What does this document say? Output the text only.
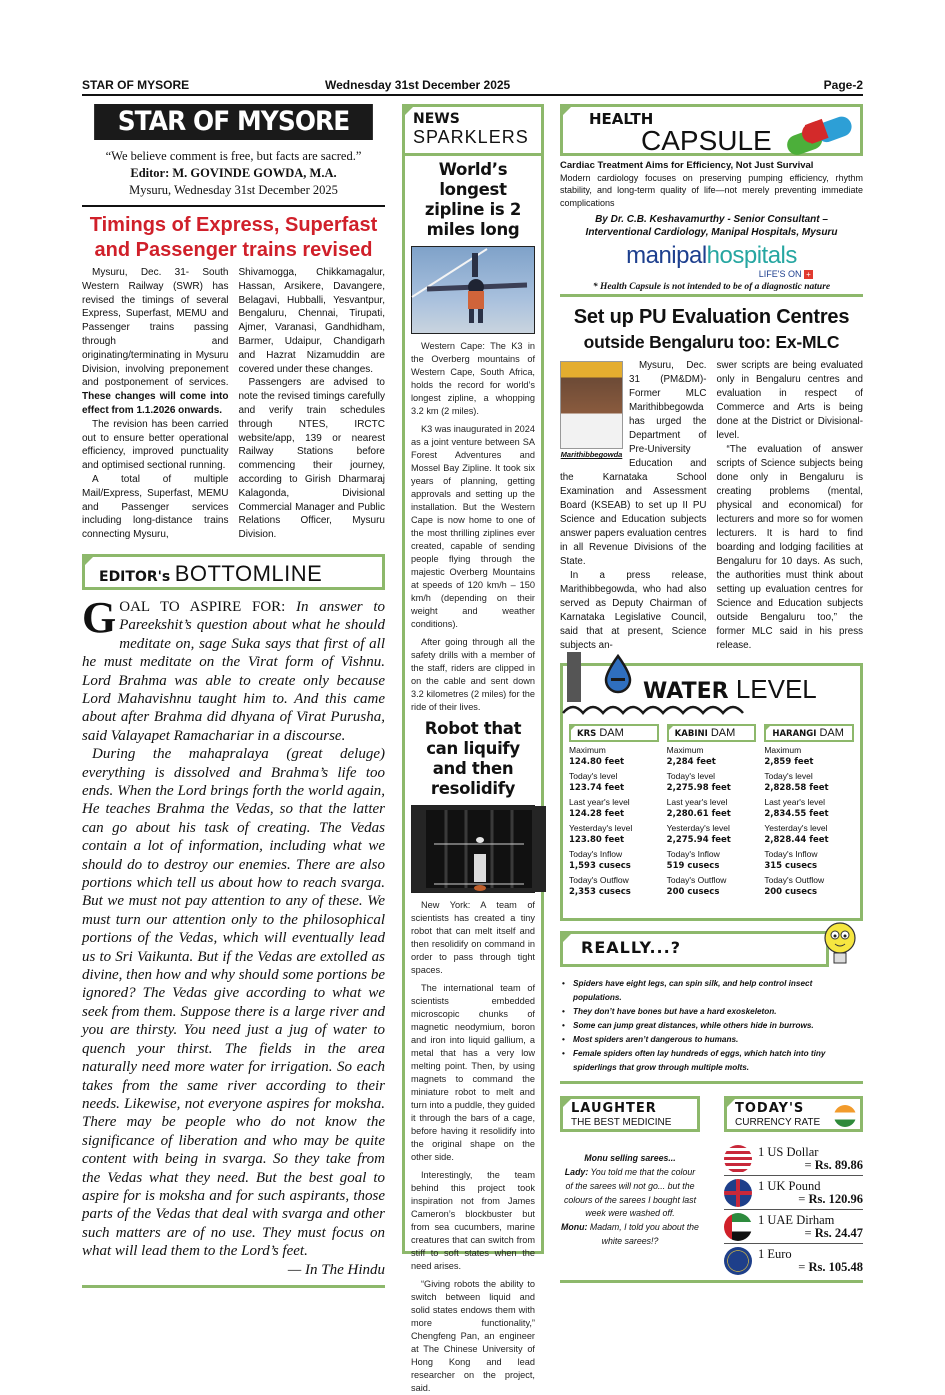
STAR OF MYSORE	Wednesday 31st December 2025	Page-2
STAR OF MYSORE
“We believe comment is free, but facts are sacred.”
Editor: M. GOVINDE GOWDA, M.A.
Mysuru, Wednesday 31st December 2025
Timings of Express, Superfast
and Passenger trains revised

Mysuru, Dec. 31- South Western Railway (SWR) has revised the timings of several Express, Superfast, MEMU and Passenger trains passing through and originating/terminating in Mysuru Division, involving preponement and postponement of services. These changes will come into effect from 1.1.2026 onwards.

The revision has been carried out to ensure better operational efficiency, improved punctuality and optimised sectional running.

A total of multiple Mail/Express, Superfast, MEMU and Passenger services including long-distance trains connecting Mysuru,

Shivamogga, Chikkamagalur, Hassan, Arsikere, Davangere, Belagavi, Hubballi, Yesvantpur, Bengaluru, Chennai, Tirupati, Ajmer, Varanasi, Gandhidham, Barmer, Udaipur, Chandigarh and Hazrat Nizamuddin are covered under these changes.

Passengers are advised to note the revised timings carefully and verify train schedules through NTES, IRCTC website/app, 139 or nearest Railway Stations before commencing their journey, according to Girish Dharmaraj Kalagonda, Divisional Commercial Manager and Public Relations Officer, Mysuru Division.

EDITOR's BOTTOMLINE

GOAL TO ASPIRE FOR: In answer to Pareekshit’s question about what he should meditate on, sage Suka says that first of all he must meditate on the Virat form of Vishnu. Lord Brahma was able to create only because Lord Mahavishnu taught him to. And this came about after Brahma did dhyana of Virat Purusha, said Valayapet Ramachariar in a discourse.

During the mahapralaya (great deluge) everything is dissolved and Brahma’s life too ends. When the Lord brings forth the world again, He teaches Brahma the Vedas, so that the latter can go about his task of creating. The Vedas contain a lot of information, including what we should do to destroy our enemies. There are also portions which tell us about how to reach svarga. But we must not pay attention to any of these. We must turn our attention only to the philosophical portions of the Vedas, which will eventually lead us to Sri Vaikunta. But if the Vedas are extolled as divine, then how and why should some portions be ignored? The Vedas give according to what we seek from them. Suppose there is a large river and you are thirsty. You need just a jug of water to quench your thirst. The fields in the area naturally need more water for irrigation. So each takes from the same river according to their needs. Likewise, not everyone aspires for moksha. There may be people who do not know the significance of liberation and who may be quite content with being in svarga. So they take from the Vedas what they need. But the best goal to aspire for is moksha and for such aspirants, those parts of the Vedas that deal with svarga and other such matters are of no use. They must focus on what will lead them to the Lord’s feet.

— In The Hindu

NEWS
SPARKLERS
World’s longest zipline is 2 miles long

Western Cape: The K3 in the Overberg mountains of Western Cape, South Africa, holds the record for world’s longest zipline, a whopping 3.2 km (2 miles).

K3 was inaugurated in 2024 as a joint venture between SA Forest Adventures and Mossel Bay Zipline. It took six years of planning, getting approvals and setting up the installation. But the Western Cape is now home to one of the most thrilling ziplines ever created, capable of sending people flying through the majestic Overberg Mountains at speeds of 120 km/h – 150 km/h (depending on their weight and weather conditions).

After going through all the safety drills with a member of the staff, riders are clipped in on the cable and sent down 3.2 kilometres (2 miles) for the ride of their lives.

Robot that can liquify and then resolidify

New York: A team of scientists has created a tiny robot that can melt itself and then resolidify on command in order to pass through tight spaces.

The international team of scientists embedded microscopic chunks of magnetic neodymium, boron and iron into liquid gallium, a metal that has a very low melting point. Then, by using magnets to command the miniature robot to melt and turn into a puddle, they guided it through the bars of a cage, before having it resolidify into the original shape on the other side.

Interestingly, the team behind this project took inspiration not from James Cameron’s blockbuster but from sea cucumbers, marine creatures that can switch from stiff to soft states when the need arises.

“Giving robots the ability to switch between liquid and solid states endows them with more functionality,” Chengfeng Pan, an engineer at The Chinese University of Hong Kong and lead researcher on the project, said.

HEALTH
CAPSULE
Cardiac Treatment Aims for Efficiency, Not Just Survival
Modern cardiology focuses on preserving pumping efficiency, rhythm stability, and long-term quality of life—not merely preventing immediate complications
By Dr. C.B. Keshavamurthy - Senior Consultant –
Interventional Cardiology, Manipal Hospitals, Mysuru
manipalhospitals
LIFE'S ON +
* Health Capsule is not intended to be of a diagnostic nature
Set up PU Evaluation Centres
outside Bengaluru too: Ex-MLC
Marithibbegowda

Mysuru, Dec. 31 (PM&DM)- Former MLC Marithibbegowda has urged the Department of Pre-University Education and the Karnataka School Examination and Assessment Board (KSEAB) to set up II PU Science and Education subjects answer papers evaluation centres in all Revenue Divisions of the State.

In a press release, Marithibbegowda, who had also served as Deputy Chairman of Karnataka Legislative Council, said that at present, Science subjects an-

swer scripts are being evaluated only in Bengaluru centres and evaluation in respect of Commerce and Arts is being done at the District or Divisional-level.

“The evaluation of answer scripts of Science subjects being done only in Bengaluru is creating problems (mental, physical and economical) for lecturers and more so for women lecturers. It is hard to find boarding and lodging facilities at Bengaluru for 10 days. As such, the authorities must think about setting up evaluation centres for Science and Education subjects outside Bengaluru too,” the former MLC said in his press release.

WATER LEVEL
KRS DAM
Maximum
124.80 feet
Today's level
123.74 feet
Last year's level
124.28 feet
Yesterday's level
123.80 feet
Today's Inflow
1,593 cusecs
Today's Outflow
2,353 cusecs
KABINI DAM
Maximum
2,284 feet
Today's level
2,275.98 feet
Last year's level
2,280.61 feet
Yesterday's level
2,275.94 feet
Today's Inflow
519 cusecs
Today's Outflow
200 cusecs
HARANGI DAM
Maximum
2,859 feet
Today's level
2,828.58 feet
Last year's level
2,834.55 feet
Yesterday's level
2,828.44 feet
Today's Inflow
315 cusecs
Today's Outflow
200 cusecs
REALLY...?
• Spiders have eight legs, can spin silk, and help control insect populations.
• They don’t have bones but have a hard exoskeleton.
• Some can jump great distances, while others hide in burrows.
• Most spiders aren’t dangerous to humans.
• Female spiders often lay hundreds of eggs, which hatch into tiny spiderlings that grow through multiple molts.
LAUGHTER
THE BEST MEDICINE
Monu selling sarees...
Lady: You told me that the colour of the sarees will not go... but the colours of the sarees I bought last week were washed off.
Monu: Madam, I told you about the white sarees!?
TODAY'S
CURRENCY RATE
1 US Dollar
= Rs. 89.86
1 UK Pound
= Rs. 120.96
1 UAE Dirham
= Rs. 24.47
1 Euro
= Rs. 105.48
